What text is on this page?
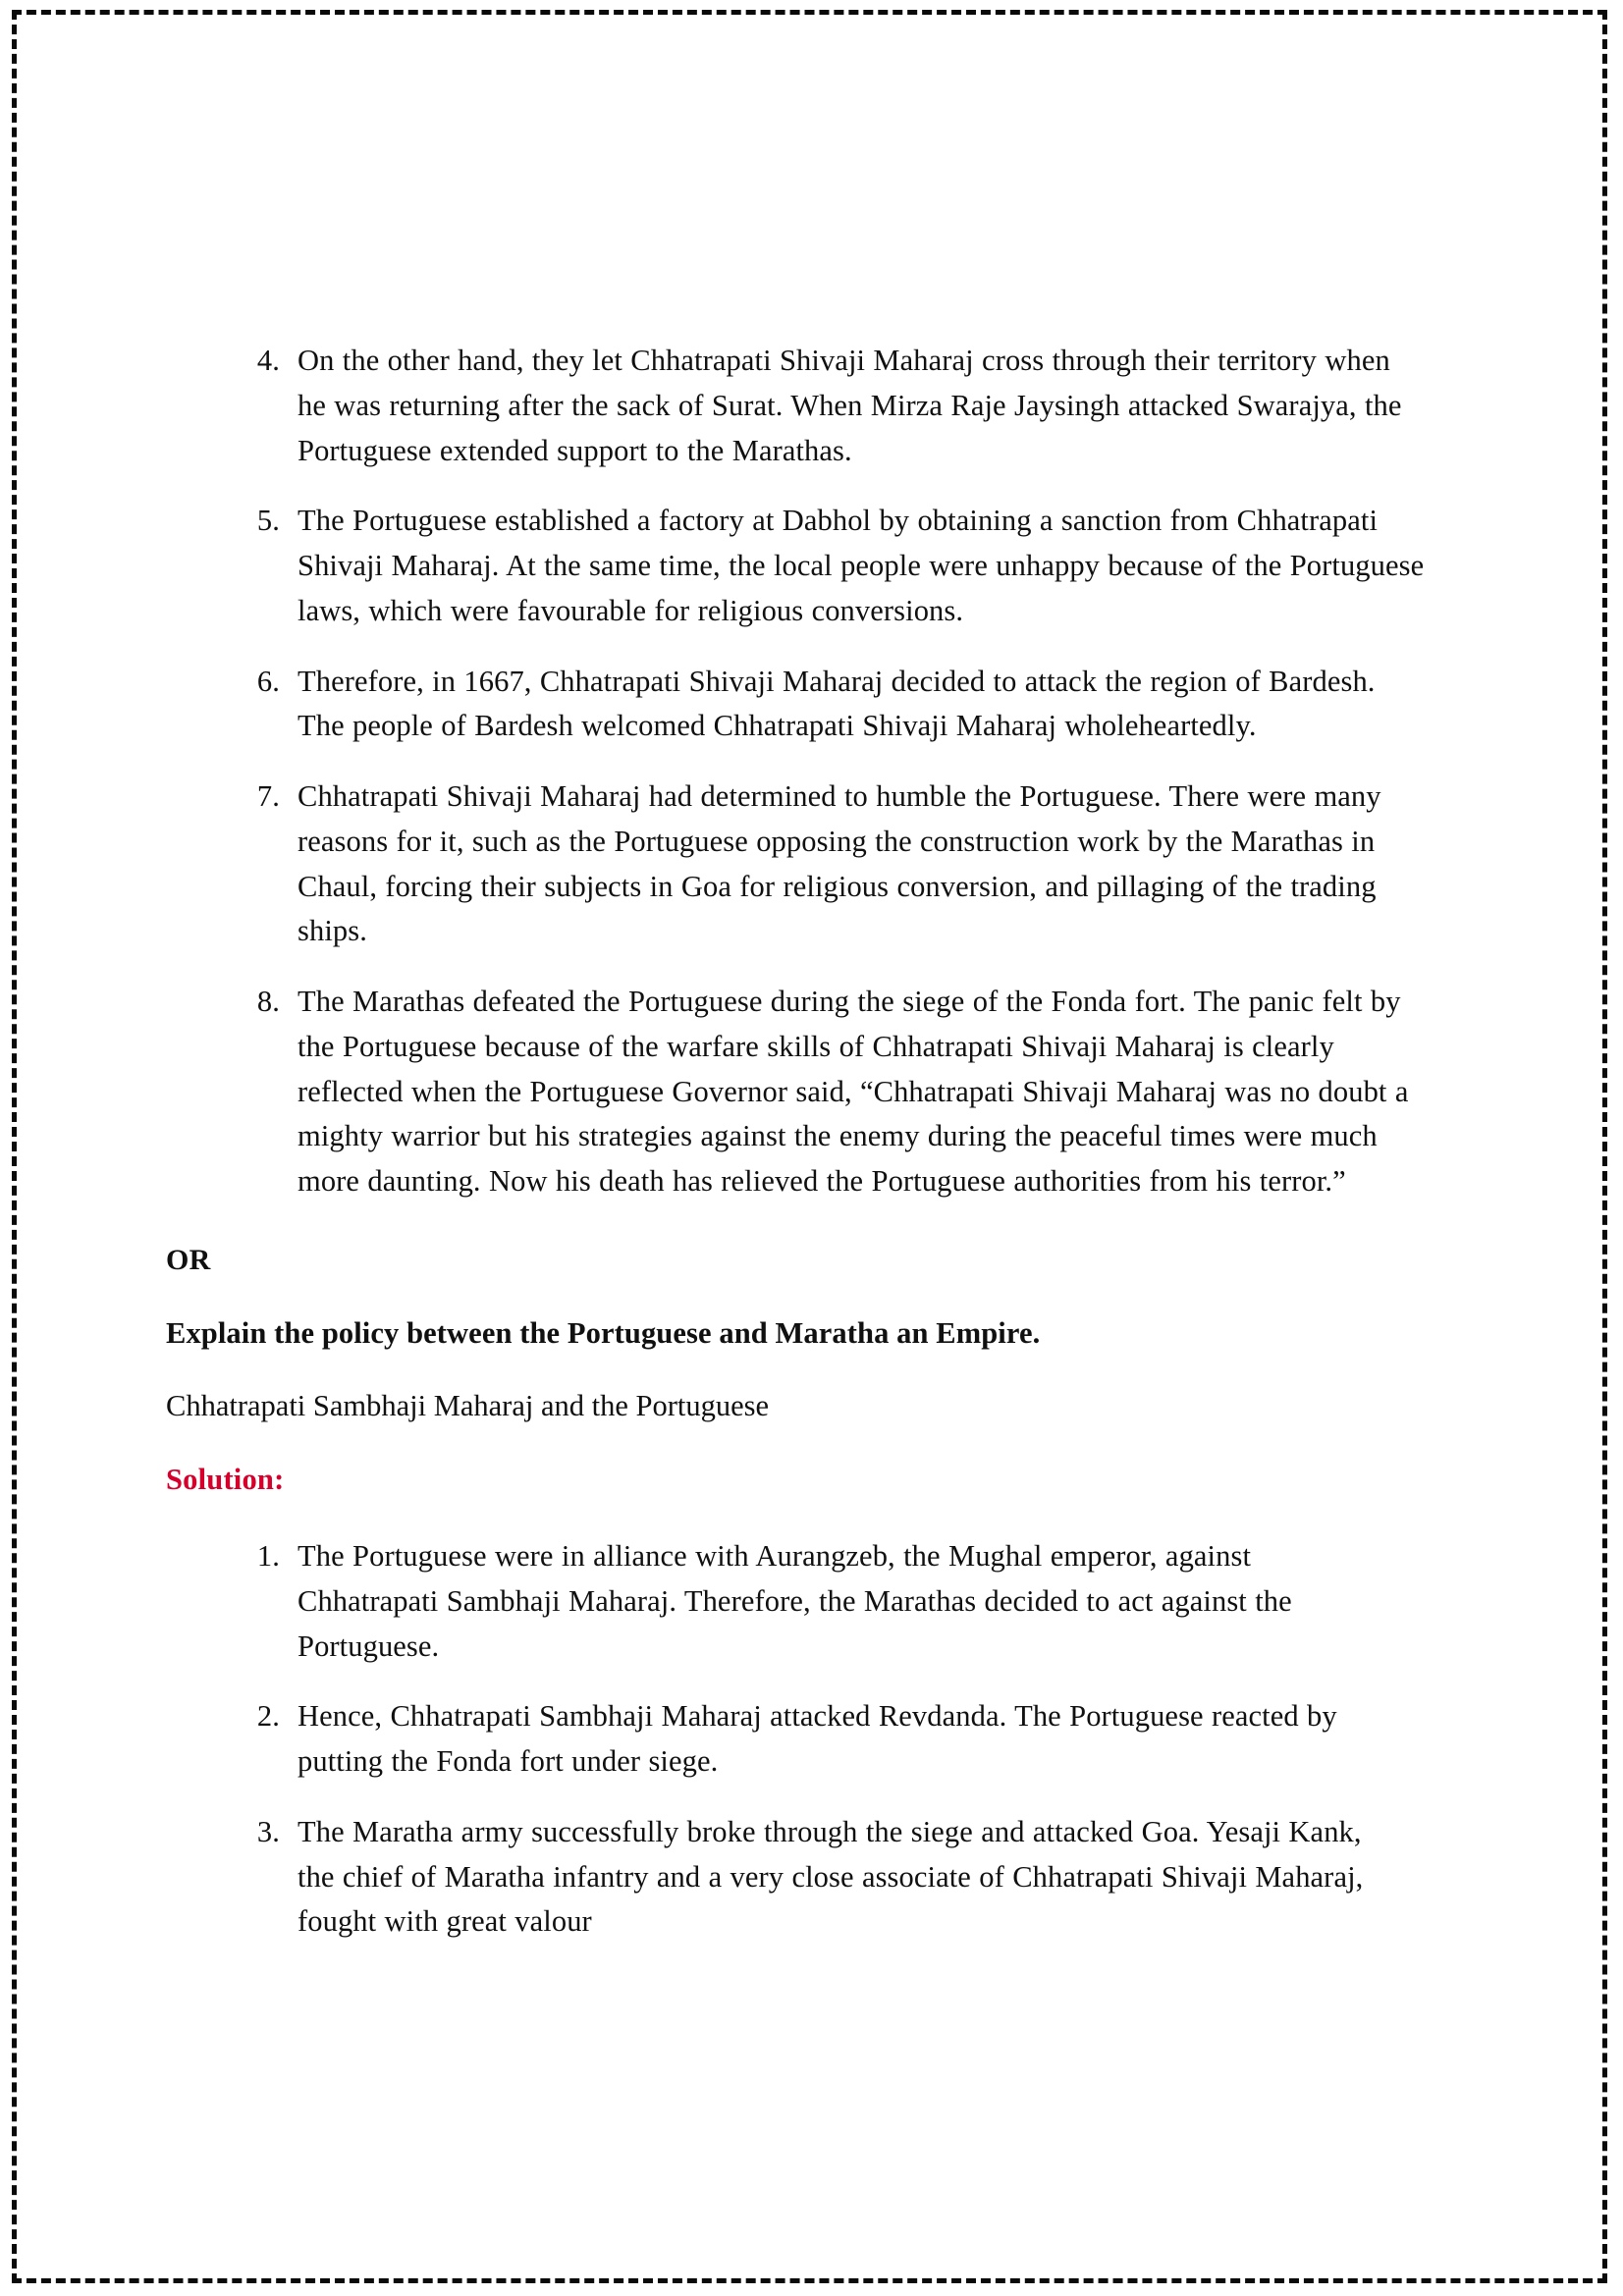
4. On the other hand, they let Chhatrapati Shivaji Maharaj cross through their territory when he was returning after the sack of Surat. When Mirza Raje Jaysingh attacked Swarajya, the Portuguese extended support to the Marathas.
5. The Portuguese established a factory at Dabhol by obtaining a sanction from Chhatrapati Shivaji Maharaj. At the same time, the local people were unhappy because of the Portuguese laws, which were favourable for religious conversions.
6. Therefore, in 1667, Chhatrapati Shivaji Maharaj decided to attack the region of Bardesh. The people of Bardesh welcomed Chhatrapati Shivaji Maharaj wholeheartedly.
7. Chhatrapati Shivaji Maharaj had determined to humble the Portuguese. There were many reasons for it, such as the Portuguese opposing the construction work by the Marathas in Chaul, forcing their subjects in Goa for religious conversion, and pillaging of the trading ships.
8. The Marathas defeated the Portuguese during the siege of the Fonda fort. The panic felt by the Portuguese because of the warfare skills of Chhatrapati Shivaji Maharaj is clearly reflected when the Portuguese Governor said, “Chhatrapati Shivaji Maharaj was no doubt a mighty warrior but his strategies against the enemy during the peaceful times were much more daunting. Now his death has relieved the Portuguese authorities from his terror.”
OR
Explain the policy between the Portuguese and Maratha an Empire.
Chhatrapati Sambhaji Maharaj and the Portuguese
Solution:
1. The Portuguese were in alliance with Aurangzeb, the Mughal emperor, against Chhatrapati Sambhaji Maharaj. Therefore, the Marathas decided to act against the Portuguese.
2. Hence, Chhatrapati Sambhaji Maharaj attacked Revdanda. The Portuguese reacted by putting the Fonda fort under siege.
3. The Maratha army successfully broke through the siege and attacked Goa. Yesaji Kank, the chief of Maratha infantry and a very close associate of Chhatrapati Shivaji Maharaj, fought with great valour
